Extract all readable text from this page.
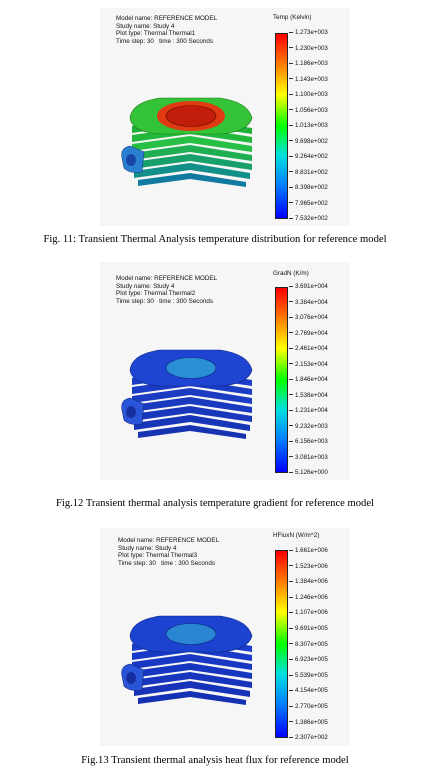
Model name: REFERENCE MODEL
Study name: Study 4
Plot type: Thermal Thermal1
Time step: 30   time : 300 Seconds
Temp (Kelvin)
1.273e+003
1.230e+003
1.186e+003
1.143e+003
1.100e+003
1.056e+003
1.013e+003
9.698e+002
9.264e+002
8.831e+002
8.398e+002
7.965e+002
7.532e+002
Fig. 11: Transient Thermal Analysis temperature distribution for reference model
Model name: REFERENCE MODEL
Study name: Study 4
Plot type: Thermal Thermal2
Time step: 30   time : 300 Seconds
GradN (K/m)
3.691e+004
3.384e+004
3.076e+004
2.769e+004
2.461e+004
2.153e+004
1.846e+004
1.538e+004
1.231e+004
9.232e+003
6.156e+003
3.081e+003
5.126e+000
Fig.12 Transient thermal analysis temperature gradient for reference model
Model name: REFERENCE MODEL
Study name: Study 4
Plot type: Thermal Thermal3
Time step: 30   time : 300 Seconds
HFluxN (W/m^2)
1.661e+006
1.523e+006
1.384e+006
1.246e+006
1.107e+006
9.691e+005
8.307e+005
6.923e+005
5.539e+005
4.154e+005
2.770e+005
1.386e+005
2.307e+002
Fig.13 Transient thermal analysis heat flux for reference model
